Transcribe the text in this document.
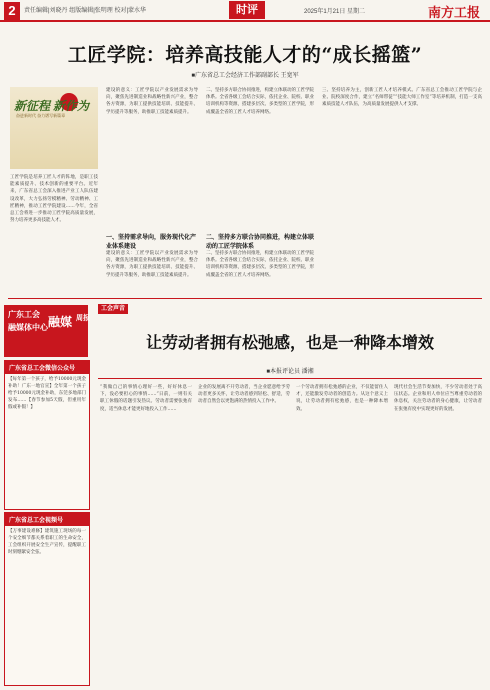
2	责任编辑|刘晓丹 组版编辑|张明理 校对|蒙水华	时评	2025年1月21日 星期二	南方工报
工匠学院：培养高技能人才的“成长摇篮”
■广东省总工会经济工作部副部长 王宽军
新征程 新作为
奋进新时代 奋力谱写新篇章
工匠学院是培养工匠人才的阵地，是职工技能素质提升、技术创新的重要平台。近年来，广东省总工会深入推进产业工人队伍建设改革，大力弘扬劳模精神、劳动精神、工匠精神，推动工匠学院建设……今年，全省总工会将进一步推动工匠学院高质量发展，努力培养更多高技能人才。
建设的意义：工匠学院以产业发展需求为导向，聚焦先进制造业和战略性新兴产业，整合各方资源，为职工提供技能培训、技能提升、学历提升等服务，助推职工技能素质提升。
一、坚持需求导向，服务现代化产业体系建设
建设的意义：工匠学院以产业发展需求为导向，聚焦先进制造业和战略性新兴产业，整合各方资源，为职工提供技能培训、技能提升、学历提升等服务，助推职工技能素质提升。
二、坚持多方联合协同推进，构建立体联动的工匠学院体系。全省各级工会结合实际，依托企业、院校、职业培训机构等资源，搭建多层次、多类型的工匠学院，形成覆盖全省的工匠人才培养网络。
二、坚持多方联合协同推进，构建立体联动的工匠学院体系
二、坚持多方联合协同推进，构建立体联动的工匠学院体系。全省各级工会结合实际，依托企业、院校、职业培训机构等资源，搭建多层次、多类型的工匠学院，形成覆盖全省的工匠人才培养网络。
三、坚持培养为主，创新工匠人才培养模式。广东省总工会推动工匠学院与企业、院校深度合作，建立“名师带徒”“技能大师工作室”等培养机制，打造一支高素质技能人才队伍，为高质量发展提供人才支撑。
广东工会
融媒体中心 融媒 周报
广东省总工会微信公众号
【每年第一个孩子，给予10000元现金补助！广东一地官宣】全年第一个孩子给予10000元现金补助，东莞多地部门发布……【春节参加5天假，但重用年假或补假！】
广东省总工会视频号
【万事建设难修】建筑施工现场的每一个安全细节都关系着职工的生命安全，工会组织开展安全生产宣传，提醒职工时刻绷紧安全弦。
工会声音
让劳动者拥有松弛感，也是一种降本增效
■本报评论员 潘湘
“我做自己的事情心理好一些，好好休息一下，没必要担心的事情……”日前，一则有关职工休假的话题引发热议。劳动者需要张弛有度，适当休息才能更好地投入工作……
企业的发展离不开劳动者，当企业愿意给予劳动者更多关怀，让劳动者感到轻松、舒适，劳动者自然会以更饱满的热情投入工作中。
一个劳动者拥有松弛感的企业，不仅能留住人才，还能激发劳动者的创造力。从这个意义上说，让劳动者拥有松弛感，也是一种降本增效。
现代社会生活节奏加快，不少劳动者处于高压状态。企业和用人单位应当尊重劳动者的休息权，关注劳动者的身心健康，让劳动者在张弛有度中实现更好的发展。
